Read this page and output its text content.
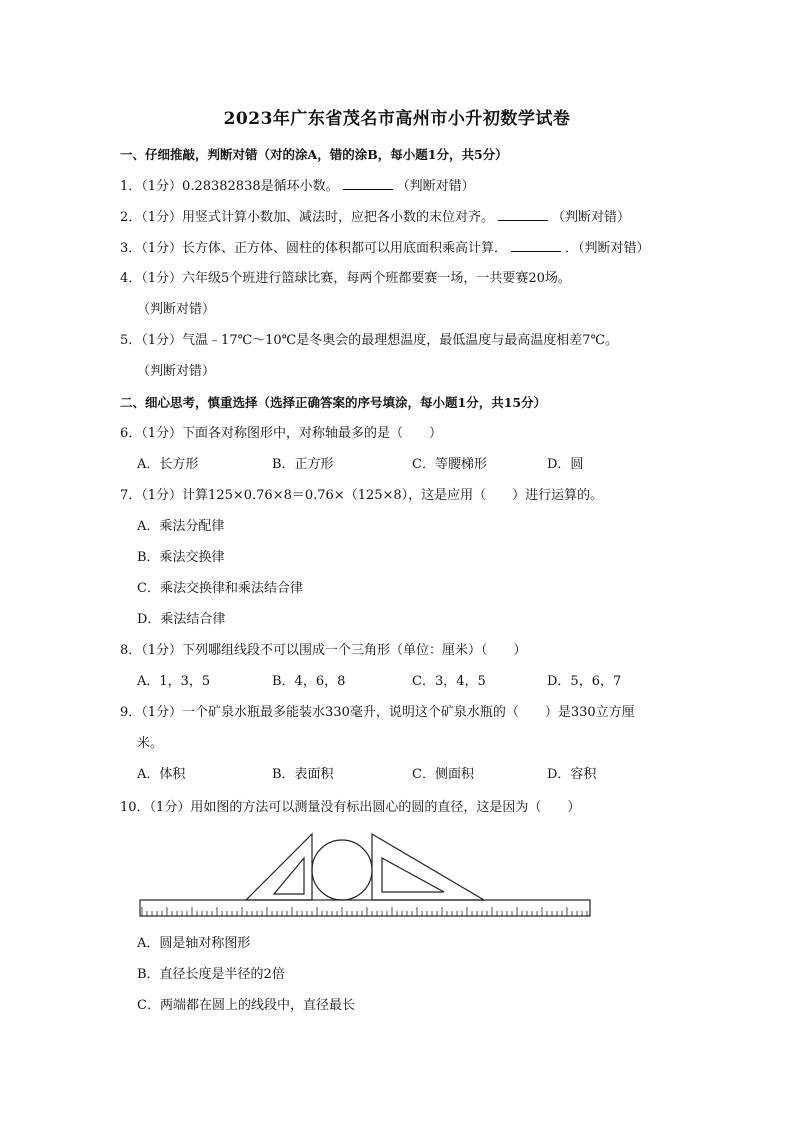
2023年广东省茂名市高州市小升初数学试卷
一、仔细推敲，判断对错（对的涂A，错的涂B，每小题1分，共5分）
1．（1分）0.28382838是循环小数。	（判断对错）
2．（1分）用竖式计算小数加、减法时，应把各小数的末位对齐。	（判断对错）
3．（1分）长方体、正方体、圆柱的体积都可以用底面积乘高计算．	．（判断对错）
4．（1分）六年级5个班进行篮球比赛，每两个班都要赛一场，一共要赛20场。
（判断对错）
5．（1分）气温﹣17℃～10℃是冬奥会的最理想温度，最低温度与最高温度相差7℃。
（判断对错）
二、细心思考，慎重选择（选择正确答案的序号填涂，每小题1分，共15分）
6．（1分）下面各对称图形中，对称轴最多的是（　　）
A．长方形	B．正方形	C．等腰梯形	D．圆
7．（1分）计算125×0.76×8＝0.76×（125×8），这是应用（　　）进行运算的。
A．乘法分配律
B．乘法交换律
C．乘法交换律和乘法结合律
D．乘法结合律
8．（1分）下列哪组线段不可以围成一个三角形（单位：厘米）（　　）
A．1，3，5	B．4，6，8	C．3，4，5	D．5，6，7
9．（1分）一个矿泉水瓶最多能装水330毫升，说明这个矿泉水瓶的（　　）是330立方厘
米。
A．体积	B．表面积	C．侧面积	D．容积
10．（1分）用如图的方法可以测量没有标出圆心的圆的直径，这是因为（　　）
A．圆是轴对称图形
B．直径长度是半径的2倍
C．两端都在圆上的线段中，直径最长
